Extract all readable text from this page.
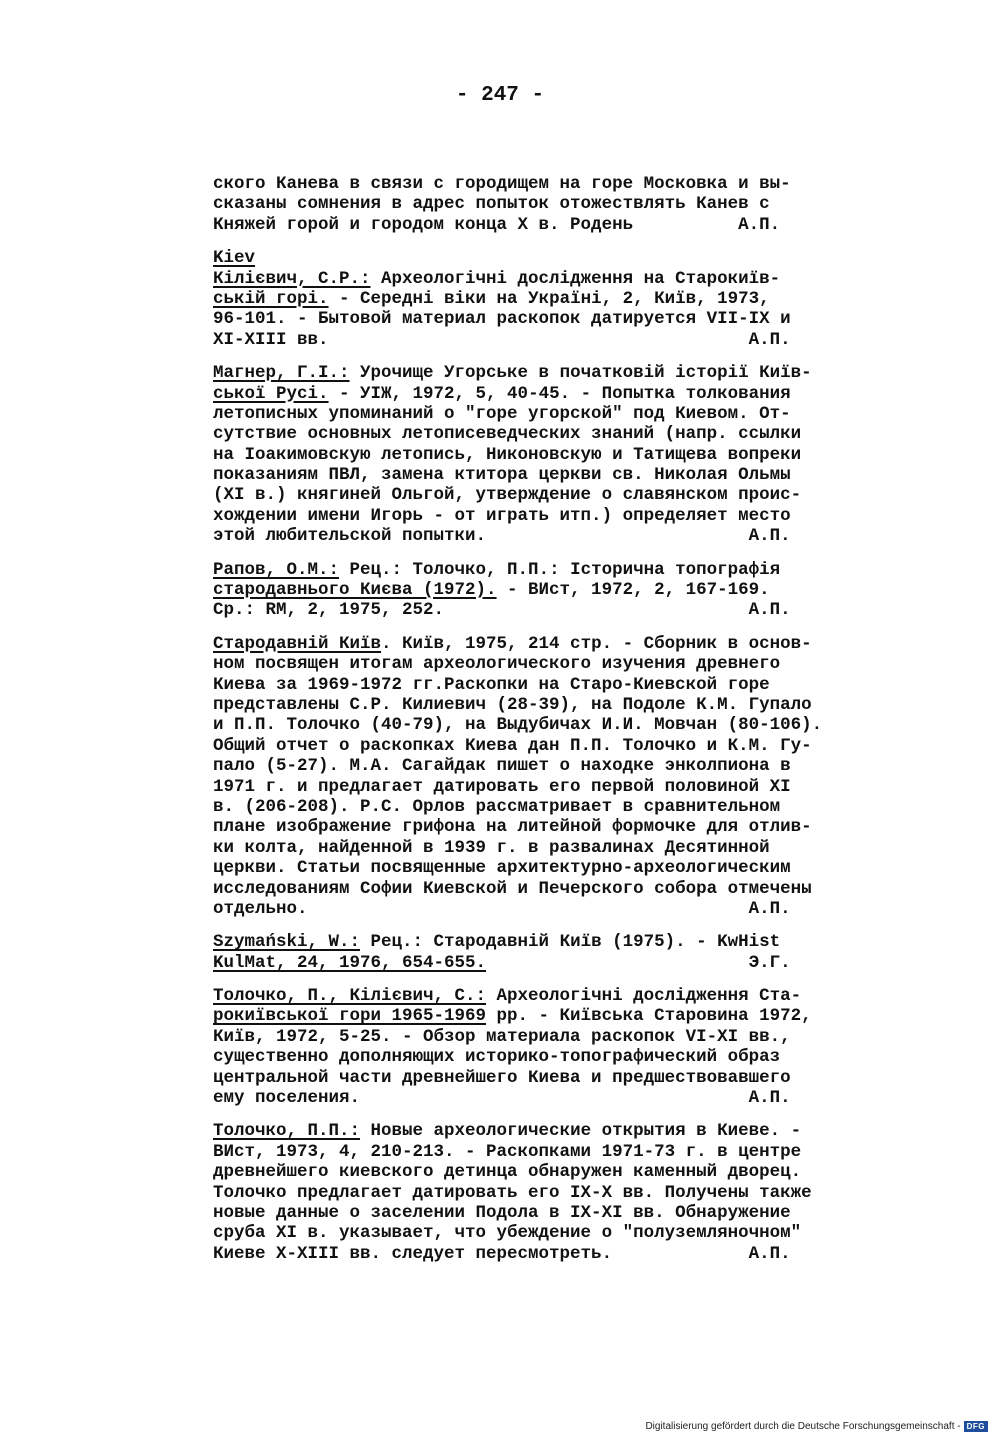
- 247 -
ского Канева в связи с городищем на горе Московка и вы-
сказаны сомнения в адрес попыток отожествлять Канев с
Княжей горой и городом конца X в. Родень          А.П.
Kiev
Кілієвич, С.Р.: Археологічні дослідження на Старокиїв-
ській горі. - Середні віки на Україні, 2, Київ, 1973,
96-101. - Бытовой материал раскопок датируется VII-IX и
XI-XIII вв.                                        А.П.
Магнер, Г.І.: Урочище Угорське в початковій історії Київ-
ської Русі. - УІЖ, 1972, 5, 40-45. - Попытка толкования
летописных упоминаний о "горе угорской" под Киевом. От-
сутствие основных летописеведческих знаний (напр. ссылки
на Іоакимовскую летопись, Никоновскую и Татищева вопреки
показаниям ПВЛ, замена ктитора церкви св. Николая Ольмы
(XI в.) княгиней Ольгой, утверждение о славянском проис-
хождении имени Игорь - от играть итп.) определяет место
этой любительской попытки.                         А.П.
Рапов, О.М.: Рец.: Толочко, П.П.: Історична топографія
стародавнього Києва (1972). - ВИст, 1972, 2, 167-169.
Cp.: RM, 2, 1975, 252.                             А.П.
Стародавній Київ. Київ, 1975, 214 стр. - Сборник в основ-
ном посвящен итогам археологического изучения древнего
Киева за 1969-1972 гг.Раскопки на Старо-Киевской горе
представлены С.Р. Килиевич (28-39), на Подоле К.М. Гупало
и П.П. Толочко (40-79), на Выдубичах И.И. Мовчан (80-106).
Общий отчет о раскопках Киева дан П.П. Толочко и К.М. Гу-
пало (5-27). М.А. Сагайдак пишет о находке энколпиона в
1971 г. и предлагает датировать его первой половиной XI
в. (206-208). Р.С. Орлов рассматривает в сравнительном
плане изображение грифона на литейной формочке для отлив-
ки колта, найденной в 1939 г. в развалинах Десятинной
церкви. Статьи посвященные архитектурно-археологическим
исследованиям Софии Киевской и Печерского собора отмечены
отдельно.                                          А.П.
Szymański, W.: Рец.: Стародавній Київ (1975). - KwHist
KulMat, 24, 1976, 654-655.                         Э.Г.
Толочко, П., Кілієвич, С.: Археологічні дослідження Ста-
рокиївської гори 1965-1969 pp. - Київська Старовина 1972,
Київ, 1972, 5-25. - Обзор материала раскопок VI-XI вв.,
существенно дополняющих историко-топографический образ
центральной части древнейшего Киева и предшествовавшего
ему поселения.                                     А.П.
Толочко, П.П.: Новые археологические открытия в Киеве. -
ВИст, 1973, 4, 210-213. - Раскопками 1971-73 г. в центре
древнейшего киевского детинца обнаружен каменный дворец.
Толочко предлагает датировать его IX-X вв. Получены также
новые данные о заселении Подола в IX-XI вв. Обнаружение
сруба XI в. указывает, что убеждение о "полуземляночном"
Киеве X-XIII вв. следует пересмотреть.             А.П.
Digitalisierung gefördert durch die Deutsche Forschungsgemeinschaft - DFG
